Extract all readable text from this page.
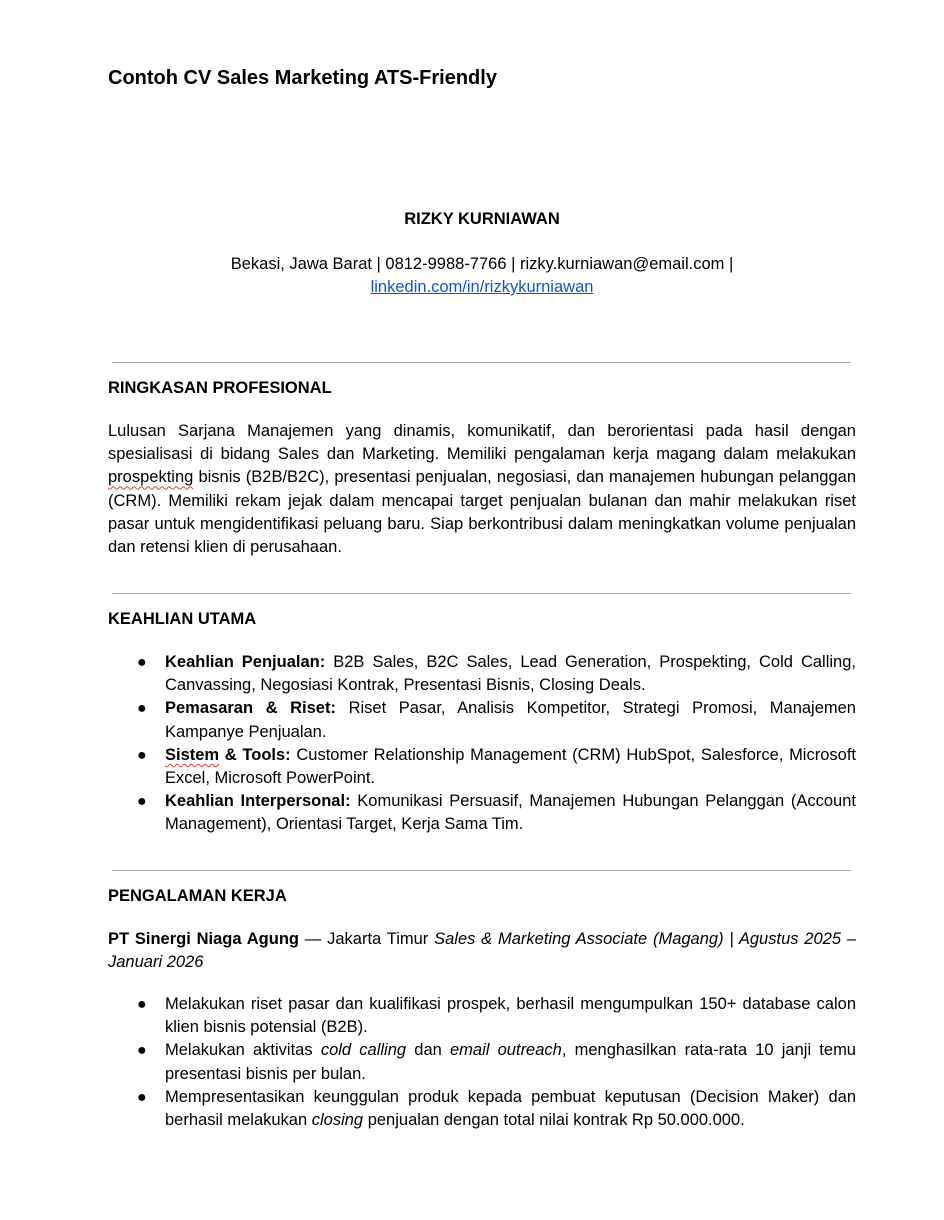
Contoh CV Sales Marketing ATS-Friendly
RIZKY KURNIAWAN
Bekasi, Jawa Barat | 0812-9988-7766 | rizky.kurniawan@email.com |
linkedin.com/in/rizkykurniawan
RINGKASAN PROFESIONAL
Lulusan Sarjana Manajemen yang dinamis, komunikatif, dan berorientasi pada hasil dengan spesialisasi di bidang Sales dan Marketing. Memiliki pengalaman kerja magang dalam melakukan prospekting bisnis (B2B/B2C), presentasi penjualan, negosiasi, dan manajemen hubungan pelanggan (CRM). Memiliki rekam jejak dalam mencapai target penjualan bulanan dan mahir melakukan riset pasar untuk mengidentifikasi peluang baru. Siap berkontribusi dalam meningkatkan volume penjualan dan retensi klien di perusahaan.
KEAHLIAN UTAMA
● Keahlian Penjualan: B2B Sales, B2C Sales, Lead Generation, Prospekting, Cold Calling, Canvassing, Negosiasi Kontrak, Presentasi Bisnis, Closing Deals.
● Pemasaran & Riset: Riset Pasar, Analisis Kompetitor, Strategi Promosi, Manajemen Kampanye Penjualan.
● Sistem & Tools: Customer Relationship Management (CRM) HubSpot, Salesforce, Microsoft Excel, Microsoft PowerPoint.
● Keahlian Interpersonal: Komunikasi Persuasif, Manajemen Hubungan Pelanggan (Account Management), Orientasi Target, Kerja Sama Tim.
PENGALAMAN KERJA
PT Sinergi Niaga Agung — Jakarta Timur Sales & Marketing Associate (Magang) | Agustus 2025 – Januari 2026
● Melakukan riset pasar dan kualifikasi prospek, berhasil mengumpulkan 150+ database calon klien bisnis potensial (B2B).
● Melakukan aktivitas cold calling dan email outreach, menghasilkan rata-rata 10 janji temu presentasi bisnis per bulan.
● Mempresentasikan keunggulan produk kepada pembuat keputusan (Decision Maker) dan berhasil melakukan closing penjualan dengan total nilai kontrak Rp 50.000.000.
